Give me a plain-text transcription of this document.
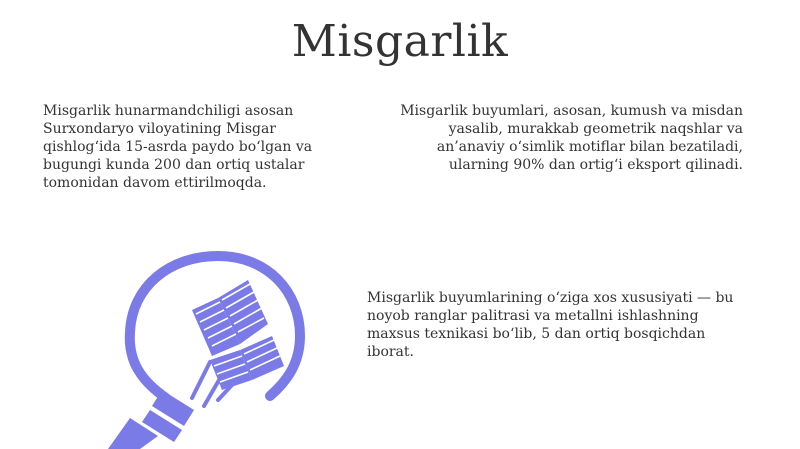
Misgarlik
Misgarlik hunarmandchiligi asosan
Surxondaryo viloyatining Misgar
qishlog‘ida 15-asrda paydo bo‘lgan va
bugungi kunda 200 dan ortiq ustalar
tomonidan davom ettirilmoqda.
Misgarlik buyumlari, asosan, kumush va misdan
yasalib, murakkab geometrik naqshlar va
an’anaviy o‘simlik motiflar bilan bezatiladi,
ularning 90% dan ortig‘i eksport qilinadi.
Misgarlik buyumlarining o‘ziga xos xususiyati — bu
noyob ranglar palitrasi va metallni ishlashning
maxsus texnikasi bo‘lib, 5 dan ortiq bosqichdan
iborat.
